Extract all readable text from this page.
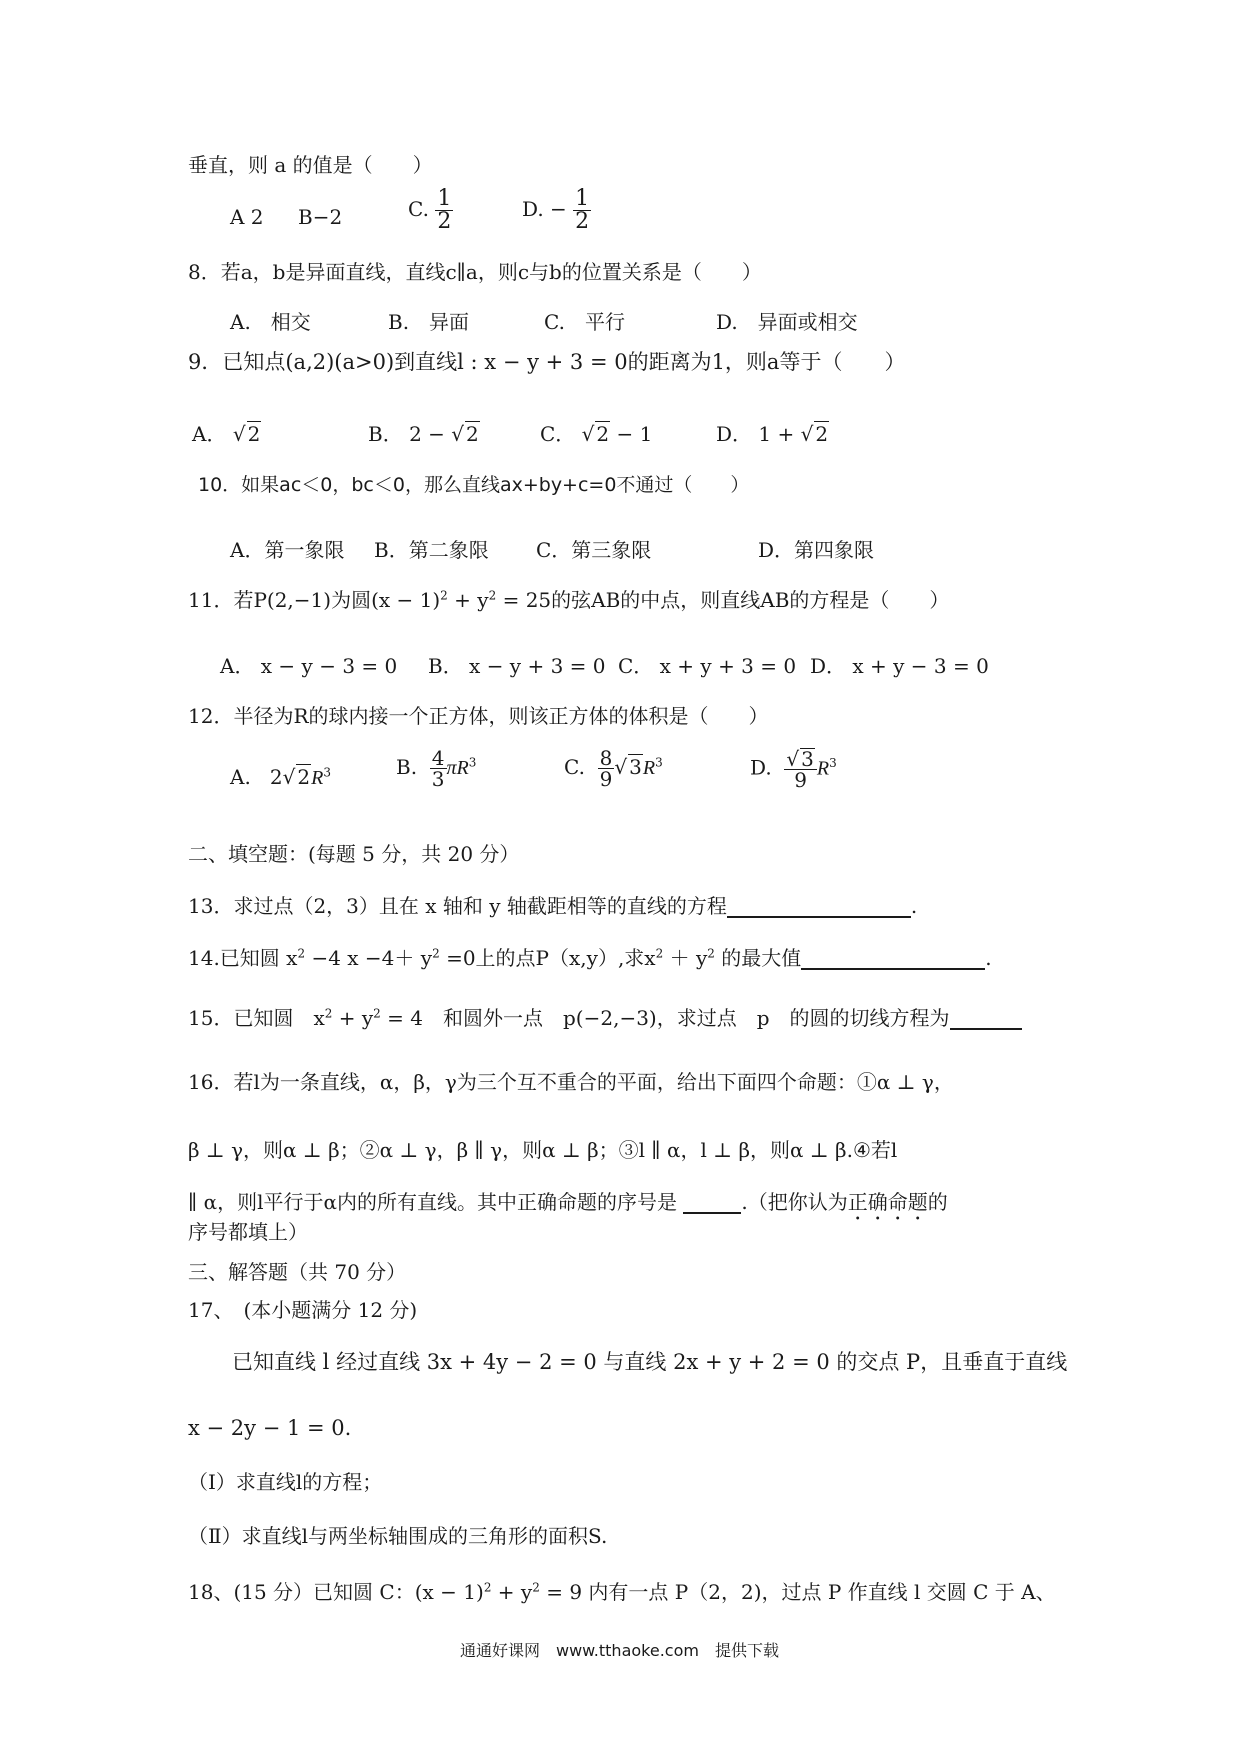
垂直，则 a 的值是（　　）
A 2 B−2	C. $\frac{1}{2}$	D. − $\frac{1}{2}$
8．若a，b是异面直线，直线c∥a，则c与b的位置关系是（　　）
A.　相交	B.　异面	C.　平行	D.　异面或相交
9．已知点(a,2)(a>0)到直线l : x − y + 3 = 0的距离为1，则a等于（　　）
A． √ 2	B． 2 − √ 2	C． √ 2 − 1	D． 1 + √ 2
10．如果ac＜0，bc＜0，那么直线ax+by+c=0不通过（　　）
A．第一象限 B．第二象限 C．第三象限	D．第四象限
11．若P(2,−1)为圆$(x - 1)^2 + y^2 = 25$的弦AB的中点，则直线AB的方程是（　　）
A． x − y − 3 = 0 B． x − y + 3 = 0 C． x + y + 3 = 0 D． x + y − 3 = 0
12．半径为R的球内接一个正方体，则该正方体的体积是（　　）
A. 2√ $2R^3$	B. $\frac{4}{3} \pi R^3$	C. $\frac{8}{9}$ √ $3R^3$	D. $\frac{√ 3}{9} R^3$
二、填空题：(每题 5 分，共 20 分）
13．求过点（2，3）且在 x 轴和 y 轴截距相等的直线的方程	.
14.已知圆 $x^2 -4$ $x -4+ y^2 =0$上的点P（x,y）,求$x^2 + y^2$ 的最大值	.
15．已知圆　$x^2 + y^2 = 4$　和圆外一点　p(−2,−3)，求过点　p　的圆的切线方程为
16．若l为一条直线，α，β，γ为三个互不重合的平面，给出下面四个命题：①α ⊥ γ，
β ⊥ γ，则α ⊥ β；②α ⊥ γ，β ∥ γ，则α ⊥ β；③l ∥ α，l ⊥ β，则α ⊥ β.④若l
∥ α，则l平行于α内的所有直线。其中正确命题的序号是	.（把你认为正确命题的
序号都填上）
三、解答题（共 70 分）
17、　(本小题满分 12 分)
已知直线 l 经过直线 3x + 4y − 2 = 0 与直线 2x + y + 2 = 0 的交点 P，且垂直于直线
x − 2y − 1 = 0.
（Ⅰ）求直线l的方程；
（Ⅱ）求直线l与两坐标轴围成的三角形的面积S.
18、(15 分）已知圆 C：$(x - 1)^2 + y^2 = 9$ 内有一点 P（2，2)，过点 P 作直线 l 交圆 C 于 A、
通通好课网　www.tthaoke.com　提供下载
